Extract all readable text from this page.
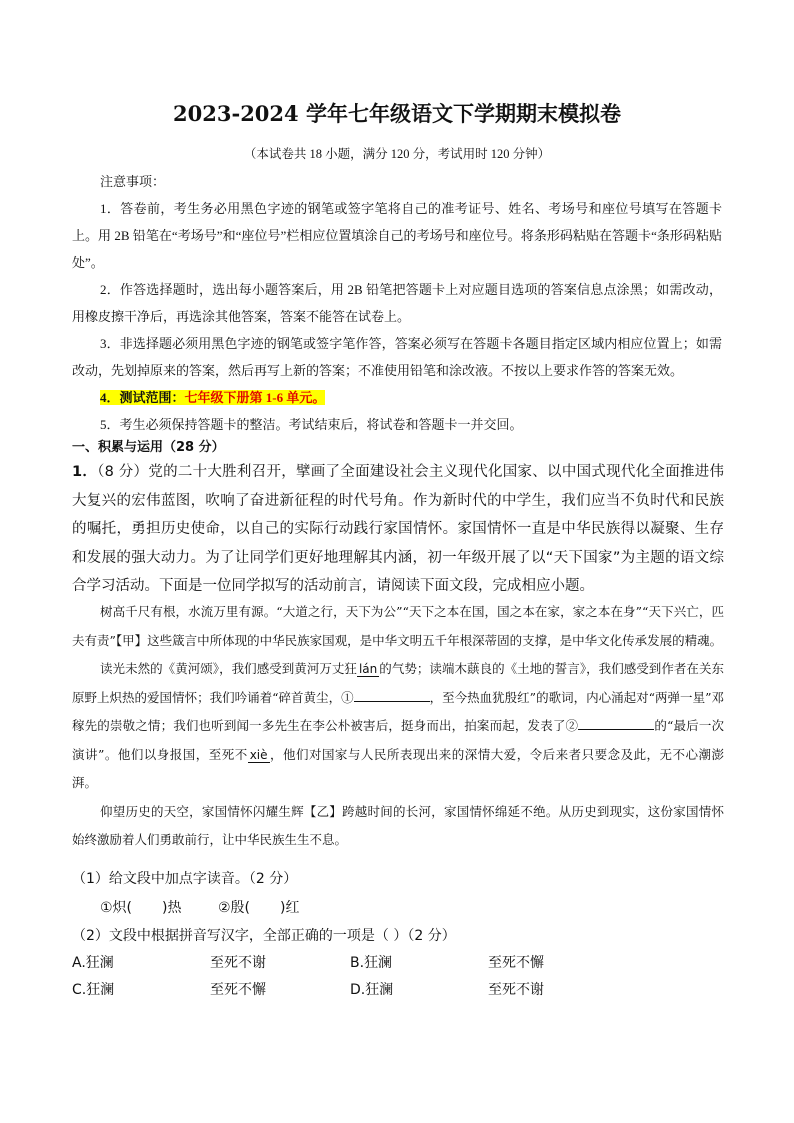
2023-2024 学年七年级语文下学期期末模拟卷
（本试卷共 18 小题，满分 120 分，考试用时 120 分钟）

注意事项：

1．答卷前，考生务必用黑色字迹的钢笔或签字笔将自己的准考证号、姓名、考场号和座位号填写在答题卡上。用 2B 铅笔在“考场号”和“座位号”栏相应位置填涂自己的考场号和座位号。将条形码粘贴在答题卡“条形码粘贴处”。

2．作答选择题时，选出每小题答案后，用 2B 铅笔把答题卡上对应题目选项的答案信息点涂黑；如需改动，用橡皮擦干净后，再选涂其他答案，答案不能答在试卷上。

3．非选择题必须用黑色字迹的钢笔或签字笔作答，答案必须写在答题卡各题目指定区域内相应位置上；如需改动，先划掉原来的答案，然后再写上新的答案；不准使用铅笔和涂改液。不按以上要求作答的答案无效。

4．测试范围：七年级下册第 1-6 单元。

5．考生必须保持答题卡的整洁。考试结束后，将试卷和答题卡一并交回。

一、积累与运用（28 分）
1．（8 分）党的二十大胜利召开，擘画了全面建设社会主义现代化国家、以中国式现代化全面推进伟大复兴的宏伟蓝图，吹响了奋进新征程的时代号角。作为新时代的中学生，我们应当不负时代和民族的嘱托，勇担历史使命，以自己的实际行动践行家国情怀。家国情怀一直是中华民族得以凝聚、生存和发展的强大动力。为了让同学们更好地理解其内涵，初一年级开展了以“天下国家”为主题的语文综合学习活动。下面是一位同学拟写的活动前言，请阅读下面文段，完成相应小题。

树高千尺有根，水流万里有源。“大道之行，天下为公”“天下之本在国，国之本在家，家之本在身”“天下兴亡，匹夫有责”【甲】这些箴言中所体现的中华民族家国观，是中华文明五千年根深蒂固的支撑，是中华文化传承发展的精魂。

读光未然的《黄河颂》，我们感受到黄河万丈狂 lán 的气势；读端木蕻良的《土地的誓言》，我们感受到作者在关东原野上炽热的爱国情怀；我们吟诵着“碎首黄尘，①	，至今热血犹殷红”的歌词，内心涌起对“两弹一星”邓稼先的崇敬之情；我们也听到闻一多先生在李公朴被害后，挺身而出，拍案而起，发表了②	的“最后一次演讲”。他们以身报国，至死不 xiè ，他们对国家与人民所表现出来的深情大爱，令后来者只要念及此，无不心潮澎湃。

仰望历史的天空，家国情怀闪耀生辉【乙】跨越时间的长河，家国情怀绵延不绝。从历史到现实，这份家国情怀始终激励着人们勇敢前行，让中华民族生生不息。

（1）给文段中加点字读音。（2 分）
①炽( )热	②殷( )红
（2）文段中根据拼音写汉字，全部正确的一项是（ ）（2 分）
A.狂澜	至死不谢	B.狂澜	至死不懈
C.狂澜	至死不懈	D.狂澜	至死不谢
